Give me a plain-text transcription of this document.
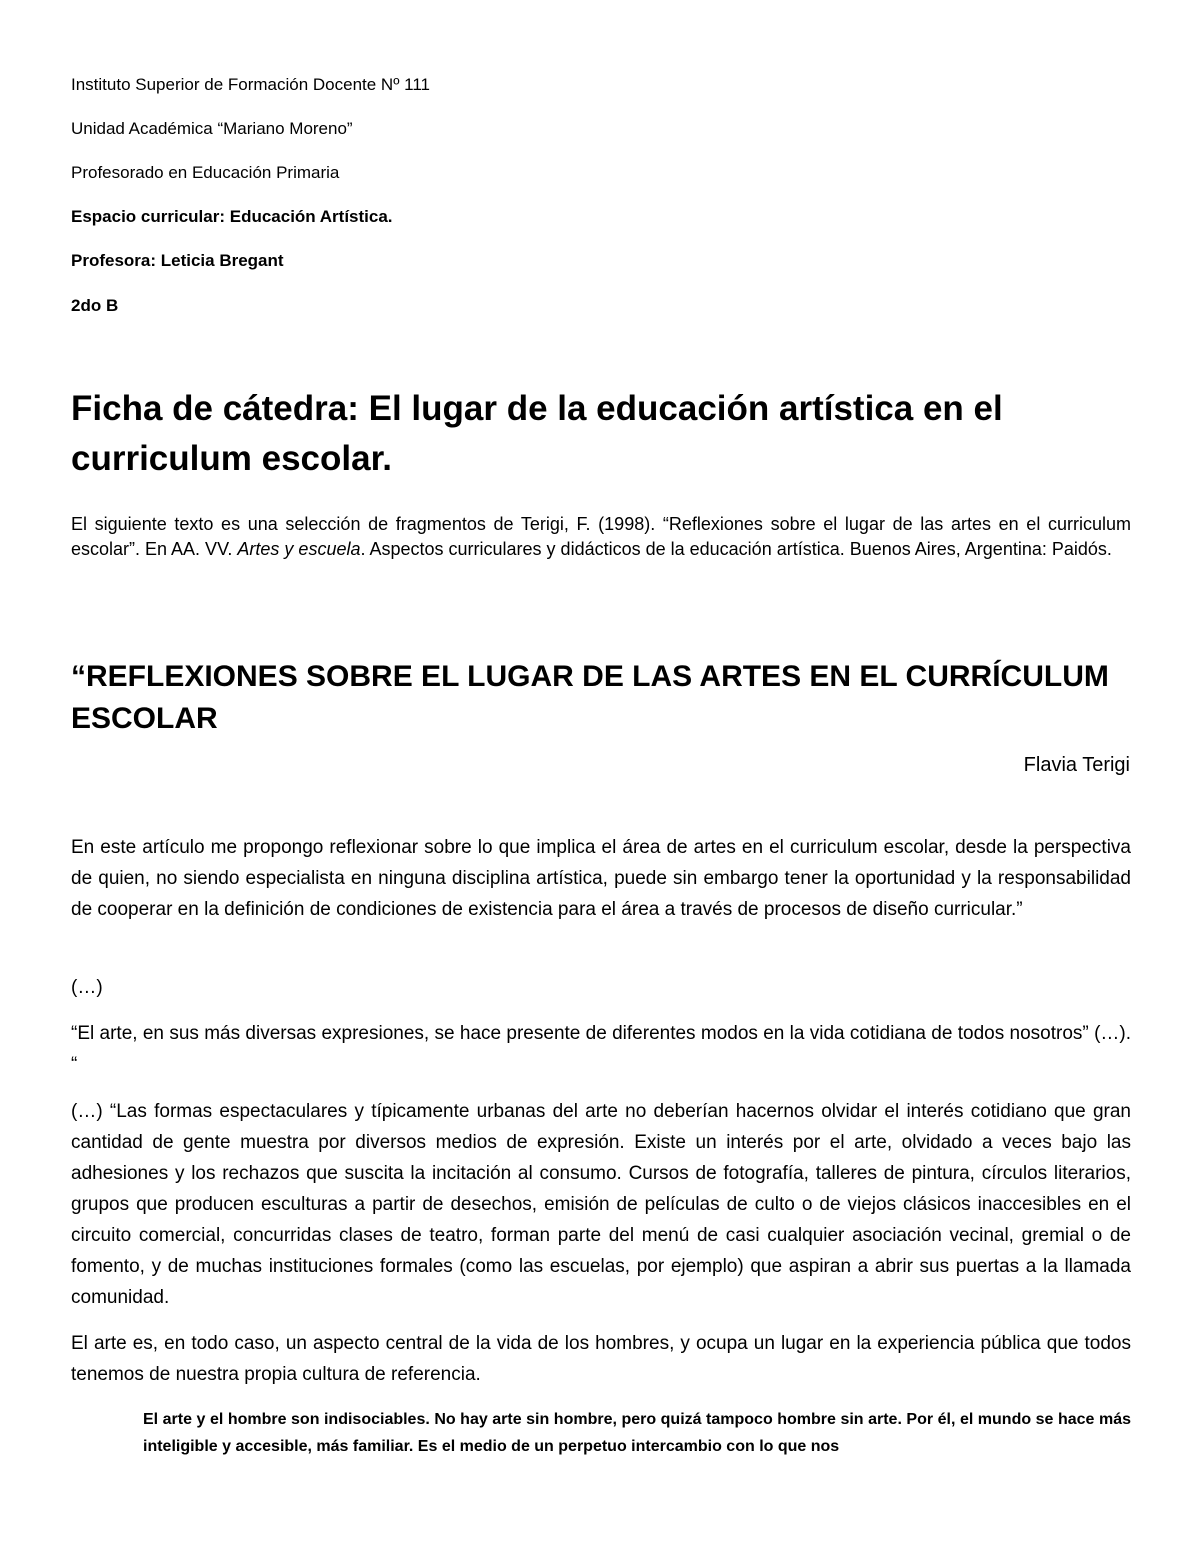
Instituto Superior de Formación Docente Nº 111
Unidad Académica “Mariano Moreno”
Profesorado en Educación Primaria
Espacio curricular: Educación Artística.
Profesora: Leticia Bregant
2do B
Ficha de cátedra: El lugar de la educación artística en el curriculum escolar.
El siguiente texto es una selección de fragmentos de Terigi, F. (1998). “Reflexiones sobre el lugar de las artes en el curriculum escolar”. En AA. VV. Artes y escuela. Aspectos curriculares y didácticos de la educación artística. Buenos Aires, Argentina: Paidós.
“REFLEXIONES SOBRE EL LUGAR DE LAS ARTES EN EL CURRÍCULUM ESCOLAR
Flavia Terigi
En este artículo me propongo reflexionar sobre lo que implica el área de artes en el curriculum escolar, desde la perspectiva de quien, no siendo especialista en ninguna disciplina artística, puede sin embargo tener la oportunidad y la responsabilidad de cooperar en la definición de condiciones de existencia para el área a través de procesos de diseño curricular.”
(…)
“El arte, en sus más diversas expresiones, se hace presente de diferentes modos en la vida cotidiana de todos nosotros” (…). “
(…) “Las formas espectaculares y típicamente urbanas del arte no deberían hacernos olvidar el interés cotidiano que gran cantidad de gente muestra por diversos medios de expresión. Existe un interés por el arte, olvidado a veces bajo las adhesiones y los rechazos que suscita la incitación al consumo. Cursos de fotografía, talleres de pintura, círculos literarios, grupos que producen esculturas a partir de desechos, emisión de películas de culto o de viejos clásicos inaccesibles en el circuito comercial, concurridas clases de teatro, forman parte del menú de casi cualquier asociación vecinal, gremial o de fomento, y de muchas instituciones formales (como las escuelas, por ejemplo) que aspiran a abrir sus puertas a la llamada comunidad.
El arte es, en todo caso, un aspecto central de la vida de los hombres, y ocupa un lugar en la experiencia pública que todos tenemos de nuestra propia cultura de referencia.
El arte y el hombre son indisociables. No hay arte sin hombre, pero quizá tampoco hombre sin arte. Por él, el mundo se hace más inteligible y accesible, más familiar. Es el medio de un perpetuo intercambio con lo que nos
